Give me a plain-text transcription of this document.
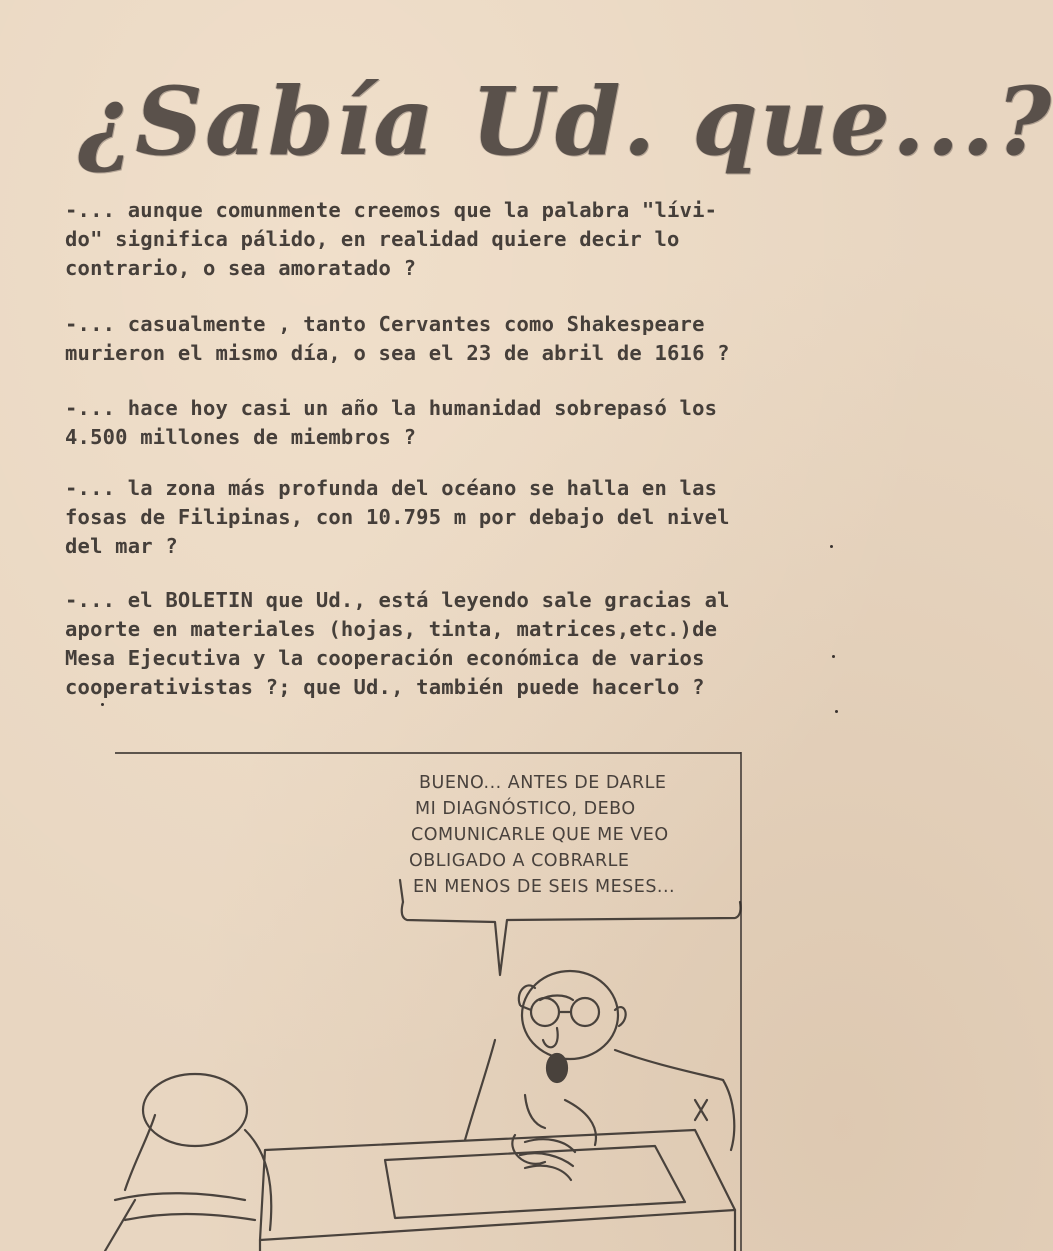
¿Sabía Ud. que...?
-... aunque comunmente creemos que la palabra "lívi-
do" significa pálido, en realidad quiere decir lo
contrario, o sea amoratado ?
-... casualmente , tanto Cervantes como Shakespeare
murieron el mismo día, o sea el 23 de abril de 1616 ?
-... hace hoy casi un año la humanidad sobrepasó los
4.500 millones de miembros ?
-... la zona más profunda del océano se halla en las
fosas de Filipinas, con 10.795 m por debajo del nivel
del mar ?
-... el BOLETIN que Ud., está leyendo sale gracias al
aporte en materiales (hojas, tinta, matrices,etc.)de
Mesa Ejecutiva y la cooperación económica de varios
cooperativistas ?; que Ud., también puede hacerlo ?
BUENO... ANTES DE DARLE
MI DIAGNÓSTICO, DEBO
COMUNICARLE QUE ME VEO
OBLIGADO A COBRARLE
EN MENOS DE SEIS MESES...
